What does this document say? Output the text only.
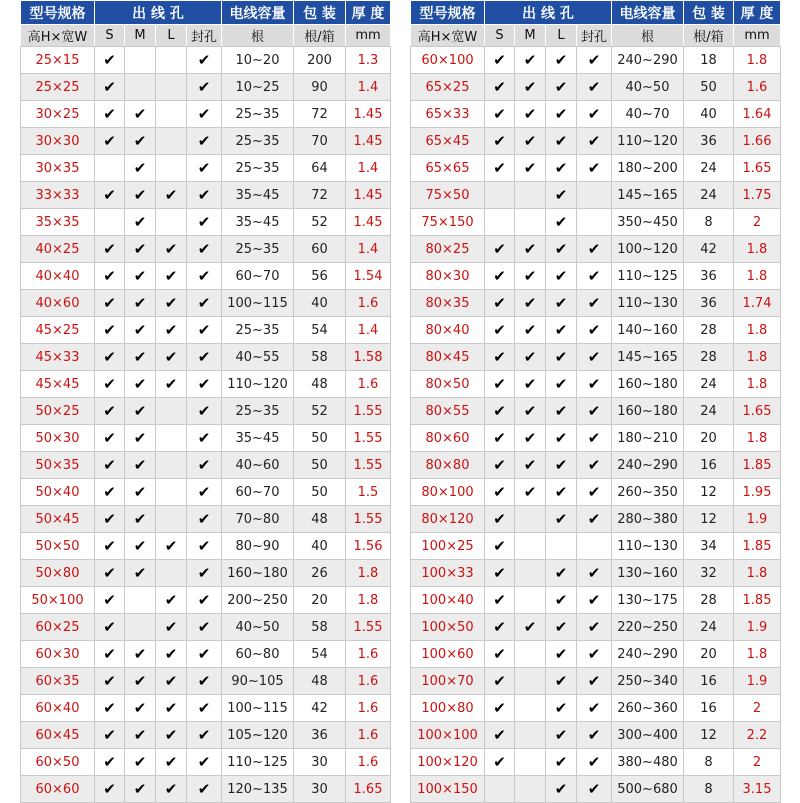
型号规格	出 线 孔				电线容量	包 装	厚 度
高H×宽W	S	M	L	封孔	根	根/箱	mm
25×15	✔			✔	10~20	200	1.3
25×25	✔			✔	10~25	90	1.4
30×25	✔	✔		✔	25~35	72	1.45
30×30	✔	✔		✔	25~35	70	1.45
30×35		✔		✔	25~35	64	1.4
33×33	✔	✔	✔	✔	35~45	72	1.45
35×35		✔		✔	35~45	52	1.45
40×25	✔	✔	✔	✔	25~35	60	1.4
40×40	✔	✔	✔	✔	60~70	56	1.54
40×60	✔	✔	✔	✔	100~115	40	1.6
45×25	✔	✔	✔	✔	25~35	54	1.4
45×33	✔	✔	✔	✔	40~55	58	1.58
45×45	✔	✔	✔	✔	110~120	48	1.6
50×25	✔	✔		✔	25~35	52	1.55
50×30	✔	✔		✔	35~45	50	1.55
50×35	✔	✔		✔	40~60	50	1.55
50×40	✔	✔		✔	60~70	50	1.5
50×45	✔	✔		✔	70~80	48	1.55
50×50	✔	✔	✔	✔	80~90	40	1.56
50×80	✔	✔		✔	160~180	26	1.8
50×100	✔		✔	✔	200~250	20	1.8
60×25	✔		✔	✔	40~50	58	1.55
60×30	✔	✔	✔	✔	60~80	54	1.6
60×35	✔	✔	✔	✔	90~105	48	1.6
60×40	✔	✔	✔	✔	100~115	42	1.6
60×45	✔	✔	✔	✔	105~120	36	1.6
60×50	✔	✔	✔	✔	110~125	30	1.6
60×60	✔	✔	✔	✔	120~135	30	1.65
型号规格	出 线 孔				电线容量	包 装	厚 度
高H×宽W	S	M	L	封孔	根	根/箱	mm
60×100	✔	✔	✔	✔	240~290	18	1.8
65×25	✔	✔	✔	✔	40~50	50	1.6
65×33	✔	✔	✔	✔	40~70	40	1.64
65×45	✔	✔	✔	✔	110~120	36	1.66
65×65	✔	✔	✔	✔	180~200	24	1.65
75×50			✔		145~165	24	1.75
75×150			✔		350~450	8	2
80×25	✔	✔	✔	✔	100~120	42	1.8
80×30	✔	✔	✔	✔	110~125	36	1.8
80×35	✔	✔	✔	✔	110~130	36	1.74
80×40	✔	✔	✔	✔	140~160	28	1.8
80×45	✔	✔	✔	✔	145~165	28	1.8
80×50	✔	✔	✔	✔	160~180	24	1.8
80×55	✔	✔	✔	✔	160~180	24	1.65
80×60	✔	✔	✔	✔	180~210	20	1.8
80×80	✔	✔	✔	✔	240~290	16	1.85
80×100	✔	✔	✔	✔	260~350	12	1.95
80×120	✔		✔	✔	280~380	12	1.9
100×25	✔				110~130	34	1.85
100×33	✔		✔	✔	130~160	32	1.8
100×40	✔		✔	✔	130~175	28	1.85
100×50	✔	✔	✔	✔	220~250	24	1.9
100×60	✔		✔	✔	240~290	20	1.8
100×70	✔		✔	✔	250~340	16	1.9
100×80	✔		✔	✔	260~360	16	2
100×100	✔		✔	✔	300~400	12	2.2
100×120	✔		✔	✔	380~480	8	2
100×150			✔	✔	500~680	8	3.15
